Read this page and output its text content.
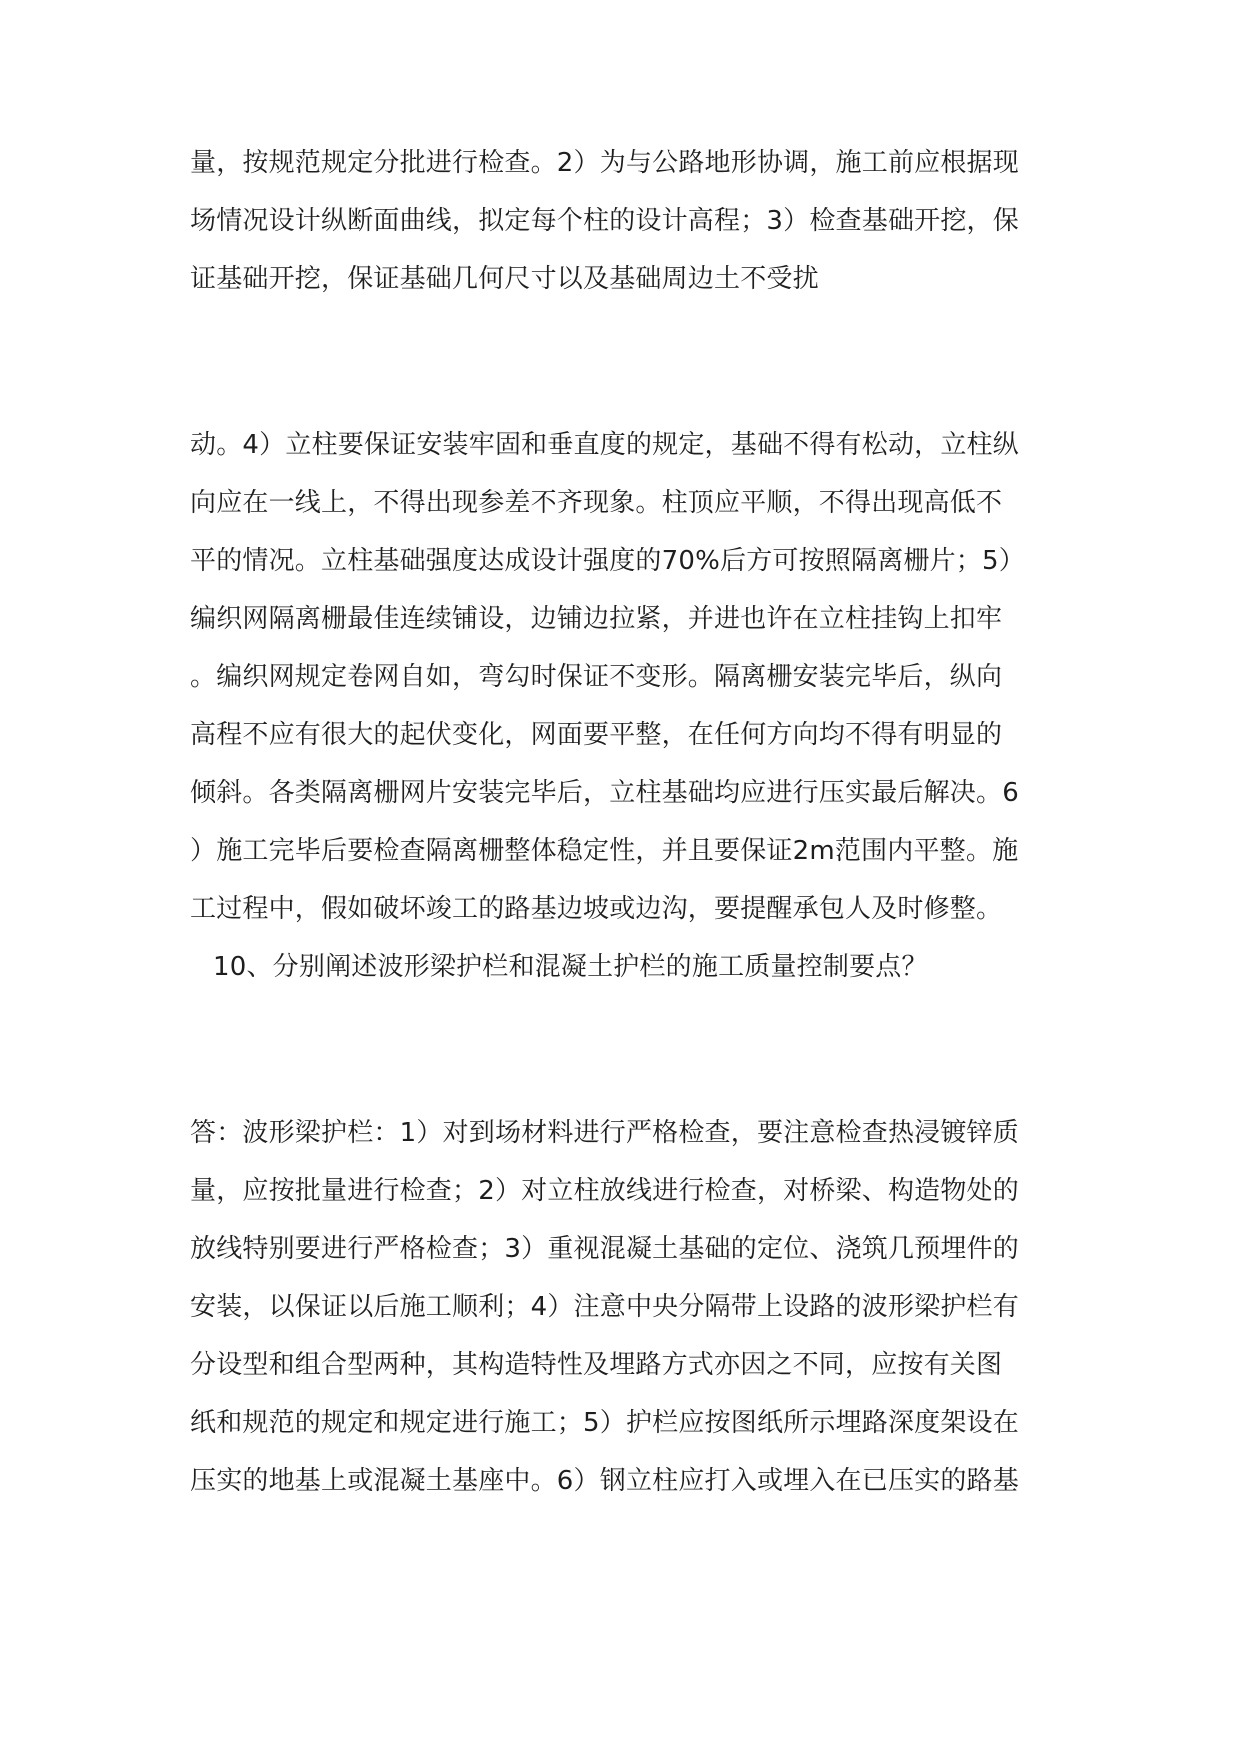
量，按规范规定分批进行检查。2）为与公路地形协调，施工前应根据现
场情况设计纵断面曲线，拟定每个柱的设计高程；3）检查基础开挖，保
证基础开挖，保证基础几何尺寸以及基础周边土不受扰
动。4）立柱要保证安装牢固和垂直度的规定，基础不得有松动，立柱纵
向应在一线上，不得出现参差不齐现象。柱顶应平顺，不得出现高低不
平的情况。立柱基础强度达成设计强度的70%后方可按照隔离栅片；5）
编织网隔离栅最佳连续铺设，边铺边拉紧，并进也许在立柱挂钩上扣牢
。编织网规定卷网自如，弯勾时保证不变形。隔离栅安装完毕后，纵向
高程不应有很大的起伏变化，网面要平整，在任何方向均不得有明显的
倾斜。各类隔离栅网片安装完毕后，立柱基础均应进行压实最后解决。6
）施工完毕后要检查隔离栅整体稳定性，并且要保证2m范围内平整。施
工过程中，假如破坏竣工的路基边坡或边沟，要提醒承包人及时修整。
10、分别阐述波形梁护栏和混凝土护栏的施工质量控制要点？
答：波形梁护栏：1）对到场材料进行严格检查，要注意检查热浸镀锌质
量，应按批量进行检查；2）对立柱放线进行检查，对桥梁、构造物处的
放线特别要进行严格检查；3）重视混凝土基础的定位、浇筑几预埋件的
安装，以保证以后施工顺利；4）注意中央分隔带上设路的波形梁护栏有
分设型和组合型两种，其构造特性及埋路方式亦因之不同，应按有关图
纸和规范的规定和规定进行施工；5）护栏应按图纸所示埋路深度架设在
压实的地基上或混凝土基座中。6）钢立柱应打入或埋入在已压实的路基
